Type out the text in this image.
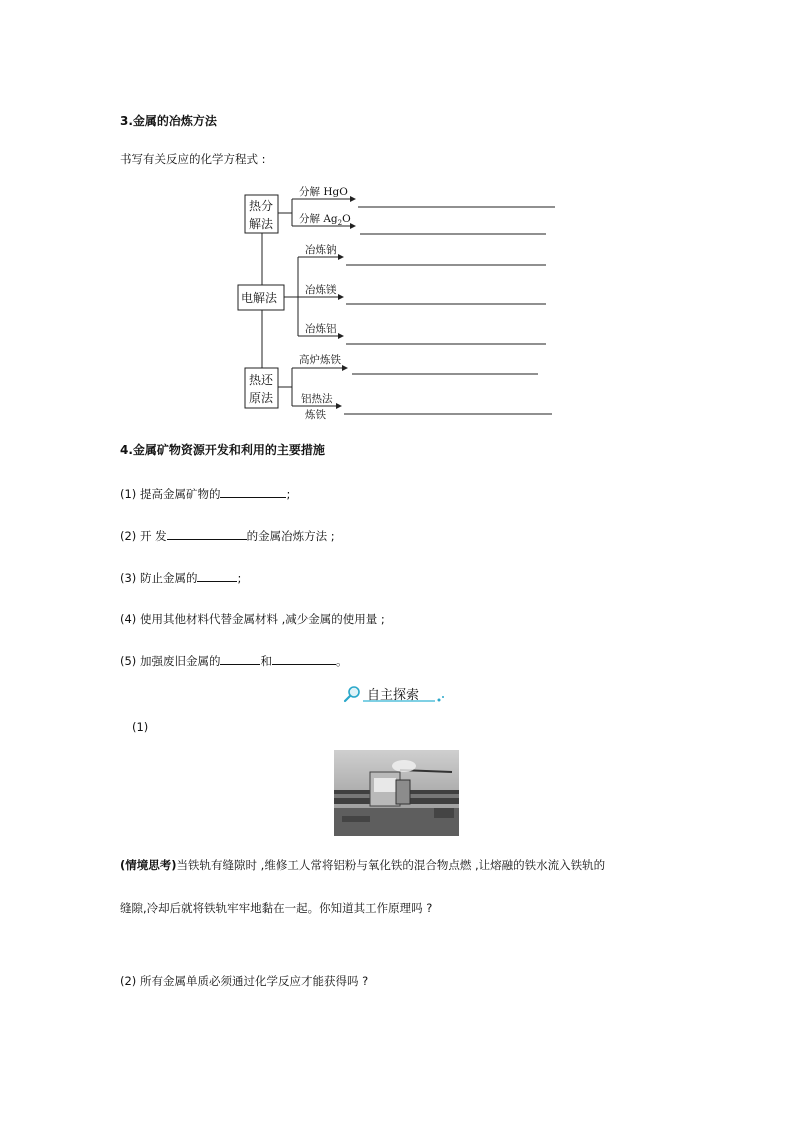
3.金属的冶炼方法
书写有关反应的化学方程式 :
热分
解法
电解法
热还
原法
分解 HgO
分解 $Ag_2O$
冶炼钠
冶炼镁
冶炼铝
高炉炼铁
铝热法
炼铁
4.金属矿物资源开发和利用的主要措施
(1) 提高金属矿物的	;
(2) 开 发	的金属冶炼方法 ;
(3) 防止金属的	;
(4) 使用其他材料代替金属材料 ,减少金属的使用量 ;
(5) 加强废旧金属的	和	。
自主探索
(1)
(情境思考)当铁轨有缝隙时 ,维修工人常将铝粉与氧化铁的混合物点燃 ,让熔融的铁水流入铁轨的
缝隙,冷却后就将铁轨牢牢地黏在一起。你知道其工作原理吗 ?
(2) 所有金属单质必须通过化学反应才能获得吗 ?
